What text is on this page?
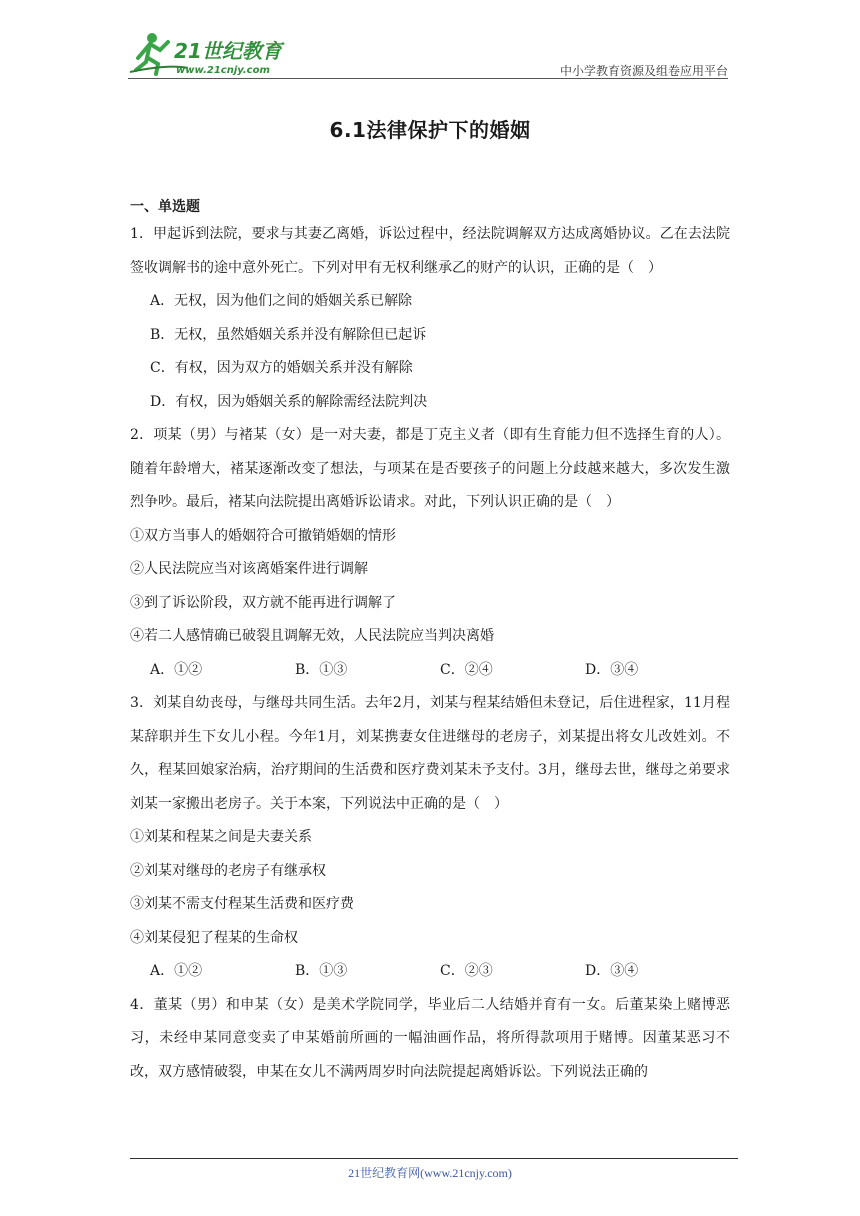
21世纪教育
www.21cnjy.com	中小学教育资源及组卷应用平台
6.1法律保护下的婚姻
一、单选题
1．甲起诉到法院，要求与其妻乙离婚，诉讼过程中，经法院调解双方达成离婚协议。乙在去法院签收调解书的途中意外死亡。下列对甲有无权利继承乙的财产的认识，正确的是（　）
A．无权，因为他们之间的婚姻关系已解除
B．无权，虽然婚姻关系并没有解除但已起诉
C．有权，因为双方的婚姻关系并没有解除
D．有权，因为婚姻关系的解除需经法院判决
2．项某（男）与褚某（女）是一对夫妻，都是丁克主义者（即有生育能力但不选择生育的人）。随着年龄增大，褚某逐渐改变了想法，与项某在是否要孩子的问题上分歧越来越大，多次发生激烈争吵。最后，褚某向法院提出离婚诉讼请求。对此，下列认识正确的是（　）
①双方当事人的婚姻符合可撤销婚姻的情形
②人民法院应当对该离婚案件进行调解
③到了诉讼阶段，双方就不能再进行调解了
④若二人感情确已破裂且调解无效，人民法院应当判决离婚
A．①②	B．①③	C．②④	D．③④
3．刘某自幼丧母，与继母共同生活。去年2月，刘某与程某结婚但未登记，后住进程家，11月程某辞职并生下女儿小程。今年1月，刘某携妻女住进继母的老房子，刘某提出将女儿改姓刘。不久，程某回娘家治病，治疗期间的生活费和医疗费刘某未予支付。3月，继母去世，继母之弟要求刘某一家搬出老房子。关于本案，下列说法中正确的是（　）
①刘某和程某之间是夫妻关系
②刘某对继母的老房子有继承权
③刘某不需支付程某生活费和医疗费
④刘某侵犯了程某的生命权
A．①②	B．①③	C．②③	D．③④
4．董某（男）和申某（女）是美术学院同学，毕业后二人结婚并育有一女。后董某染上赌博恶习，未经申某同意变卖了申某婚前所画的一幅油画作品，将所得款项用于赌博。因董某恶习不改，双方感情破裂，申某在女儿不满两周岁时向法院提起离婚诉讼。下列说法正确的
21世纪教育网(www.21cnjy.com)
